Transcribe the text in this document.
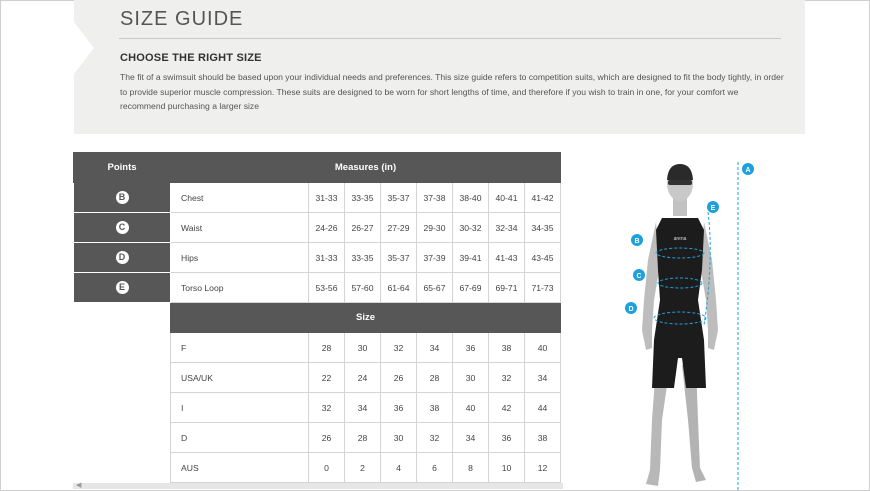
SIZE GUIDE
CHOOSE THE RIGHT SIZE
The fit of a swimsuit should be based upon your individual needs and preferences. This size guide refers to competition suits, which are designed to fit the body tightly, in order to provide superior muscle compression. These suits are designed to be worn for short lengths of time, and therefore if you wish to train in one, for your comfort we recommend purchasing a larger size
Points	Measures (in)							
B	Chest	31-33	33-35	35-37	37-38	38-40	40-41	41-42
C	Waist	24-26	26-27	27-29	29-30	30-32	32-34	34-35
D	Hips	31-33	33-35	35-37	37-39	39-41	41-43	43-45
E	Torso Loop	53-56	57-60	61-64	65-67	67-69	69-71	71-73
	Size							
	F	28	30	32	34	36	38	40
	USA/UK	22	24	26	28	30	32	34
	I	32	34	36	38	40	42	44
	D	26	28	30	32	34	36	38
	AUS	0	2	4	6	8	10	12
◀
A
arena
B
C
D
E
